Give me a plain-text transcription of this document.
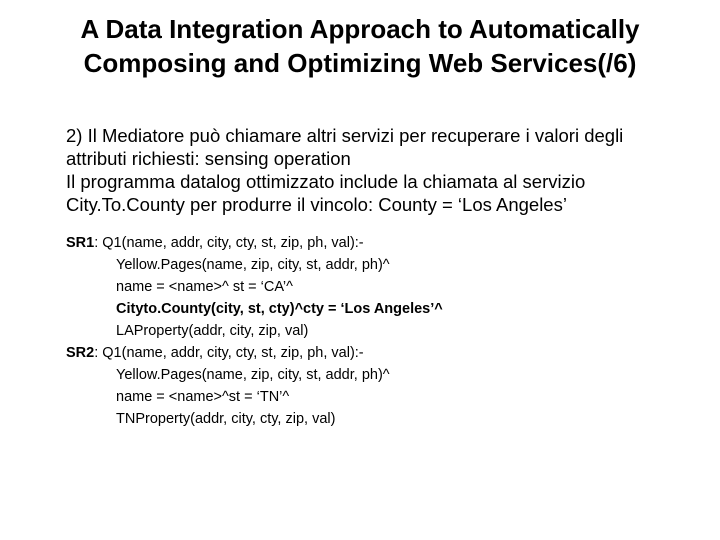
A Data Integration Approach to Automatically
Composing and Optimizing Web Services(/6)
2) Il Mediatore può chiamare altri servizi per recuperare i valori degli
attributi richiesti: sensing operation
Il programma datalog ottimizzato include la chiamata al servizio
City.To.County per produrre il vincolo: County = ‘Los Angeles’
SR1: Q1(name, addr, city, cty, st, zip, ph, val):-
Yellow.Pages(name, zip, city, st, addr, ph)^
name = <name>^ st = ‘CA’^
Cityto.County(city, st, cty)^cty = ‘Los Angeles’^
LAProperty(addr, city, zip, val)
SR2: Q1(name, addr, city, cty, st, zip, ph, val):-
Yellow.Pages(name, zip, city, st, addr, ph)^
name = <name>^st = ‘TN’^
TNProperty(addr, city, cty, zip, val)
